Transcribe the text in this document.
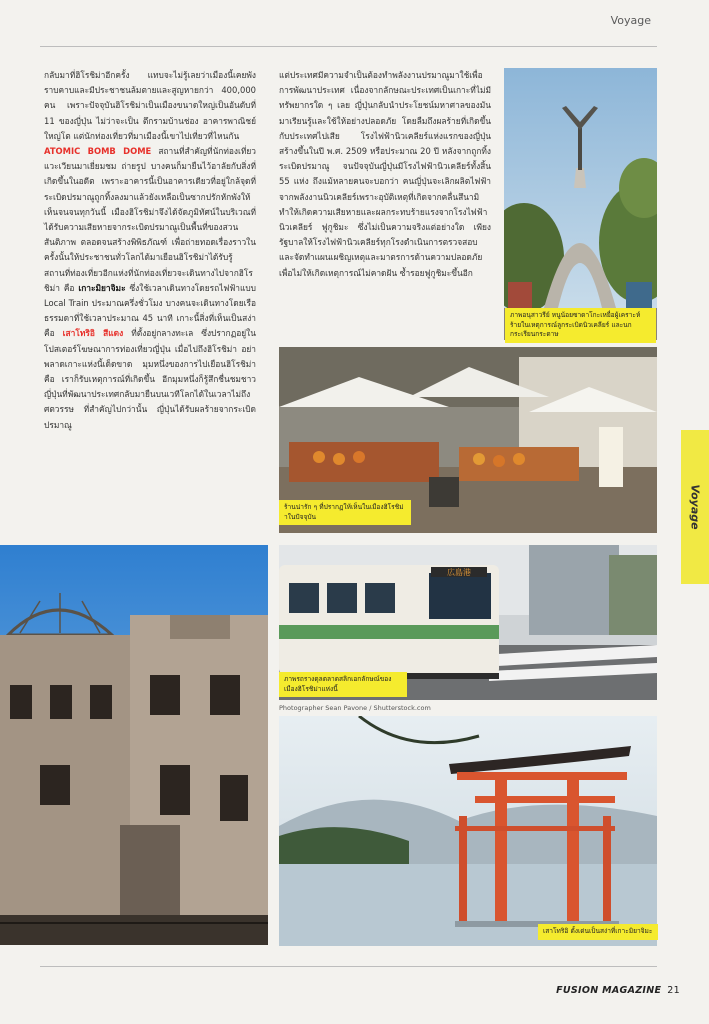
Voyage

กลับมาที่ฮิโรชิม่าอีกครั้ง แทบจะไม่รู้เลยว่าเมืองนี้เคยพังราบคาบและมีประชาชนล้มตายและสูญหายกว่า 400,000 คน เพราะปัจจุบันฮิโรชิม่าเป็นเมืองขนาดใหญ่เป็นอันดับที่ 11 ของญี่ปุ่น ไม่ว่าจะเป็น ตึกรามบ้านช่อง อาคารพาณิชย์ใหญ่โต แต่นักท่องเที่ยวที่มาเมืองนี้เขาไปเที่ยวที่ไหนกัน

ATOMIC BOMB DOME สถานที่สำคัญที่นักท่องเที่ยวแวะเวียนมาเยี่ยมชม ถ่ายรูป บางคนก็มายืนไว้อาลัยกับสิ่งที่เกิดขึ้นในอดีต เพราะอาคารนี้เป็นอาคารเดียวที่อยู่ใกล้จุดที่ระเบิดปรมาณูถูกทิ้งลงมาแล้วยังเหลือเป็นซากปรักหักพังให้เห็นจนจนทุกวันนี้ เมืองฮิโรชิม่าจึงได้จัดภูมิทัศน์ในบริเวณที่ได้รับความเสียหายจากระเบิดปรมาณูเป็นพื้นที่ของสวนสันติภาพ ตลอดจนสร้างพิพิธภัณฑ์ เพื่อถ่ายทอดเรื่องราวในครั้งนั้นให้ประชาชนทั่วโลกได้มาเยือนฮิโรชิม่าได้รับรู้

สถานที่ท่องเที่ยวอีกแห่งที่นักท่องเที่ยวจะเดินทางไปจากฮิโรชิม่า คือ เกาะมิยาจิมะ ซึ่งใช้เวลาเดินทางโดยรถไฟฟ้าแบบ Local Train ประมาณครึ่งชั่วโมง บางคนจะเดินทางโดยเรือธรรมดาที่ใช้เวลาประมาณ 45 นาที เกาะนี้สิ่งที่เห็นเป็นสง่าคือ เสาโทริอิ สีแดง ที่ตั้งอยู่กลางทะเล ซึ่งปรากฏอยู่ในโปสเตอร์โฆษณาการท่องเที่ยวญี่ปุ่น เมื่อไปถึงฮิโรชิม่า อย่าพลาดเกาะแห่งนี้เด็ดขาด มุมหนึ่งของการไปเยือนฮิโรชิม่า คือ เราก็รับเหตุการณ์ที่เกิดขึ้น อีกมุมหนึ่งก็รู้สึกชื่นชมชาวญี่ปุ่นที่พัฒนาประเทศกลับมายืนบนเวทีโลกได้ในเวลาไม่ถึงศตวรรษ ที่สำคัญไปกว่านั้น ญี่ปุ่นได้รับผลร้ายจากระเบิดปรมาณู

แต่ประเทศมีความจำเป็นต้องทำพลังงานปรมาณูมาใช้เพื่อการพัฒนาประเทศ เนื่องจากลักษณะประเทศเป็นเกาะที่ไม่มีทรัพยากรใด ๆ เลย ญี่ปุ่นกลับนำประโยชน์มหาศาลของมันมาเรียนรู้และใช้ให้อย่างปลอดภัย โดยลืมถึงผลร้ายที่เกิดขึ้นกับประเทศไปเสีย โรงไฟฟ้านิวเคลียร์แห่งแรกของญี่ปุ่นสร้างขึ้นในปี พ.ศ. 2509 หรือประมาณ 20 ปี หลังจากถูกทิ้งระเบิดปรมาณู จนปัจจุบันญี่ปุ่นมีโรงไฟฟ้านิวเคลียร์ทั้งสิ้น 55 แห่ง ถึงแม้หลายคนจะบอกว่า คนญี่ปุ่นจะเลิกผลิตไฟฟ้าจากพลังงานนิวเคลียร์เพราะอุบัติเหตุที่เกิดจากคลื่นสึนามิ ทำให้เกิดความเสียหายและผลกระทบร้ายแรงจากโรงไฟฟ้านิวเคลียร์ ฟูกูชิมะ ซึ่งไม่เป็นความจริงแต่อย่างใด เพียงรัฐบาลให้โรงไฟฟ้านิวเคลียร์ทุกโรงดำเนินการตรวจสอบและจัดทำแผนเผชิญเหตุและมาตรการด้านความปลอดภัย เพื่อไม่ให้เกิดเหตุการณ์ไม่คาดฝัน ซ้ำรอยฟูกูชิมะขึ้นอีก

ภาพอนุสาวรีย์ หนูน้อยซาดาโกะเหยื่อผู้เคราะห์ร้ายในเหตุการณ์ลูกระเบิดนิวเคลียร์ และนกกระเรียนกระดาษ
ร้านน่ารัก ๆ ที่ปรากฏให้เห็นในเมืองฮิโรชิม่าในปัจจุบัน
広島港
ภาพรถรางดุลตลาดสลิกเอกลักษณ์ของเมืองฮิโรชิม่าแห่งนี้
Photographer Sean Pavone / Shutterstock.com
เสาโทริอิ ตั้งเด่นเป็นสง่าที่เกาะมิยาจิมะ
Voyage
FUSION MAGAZINE 21
